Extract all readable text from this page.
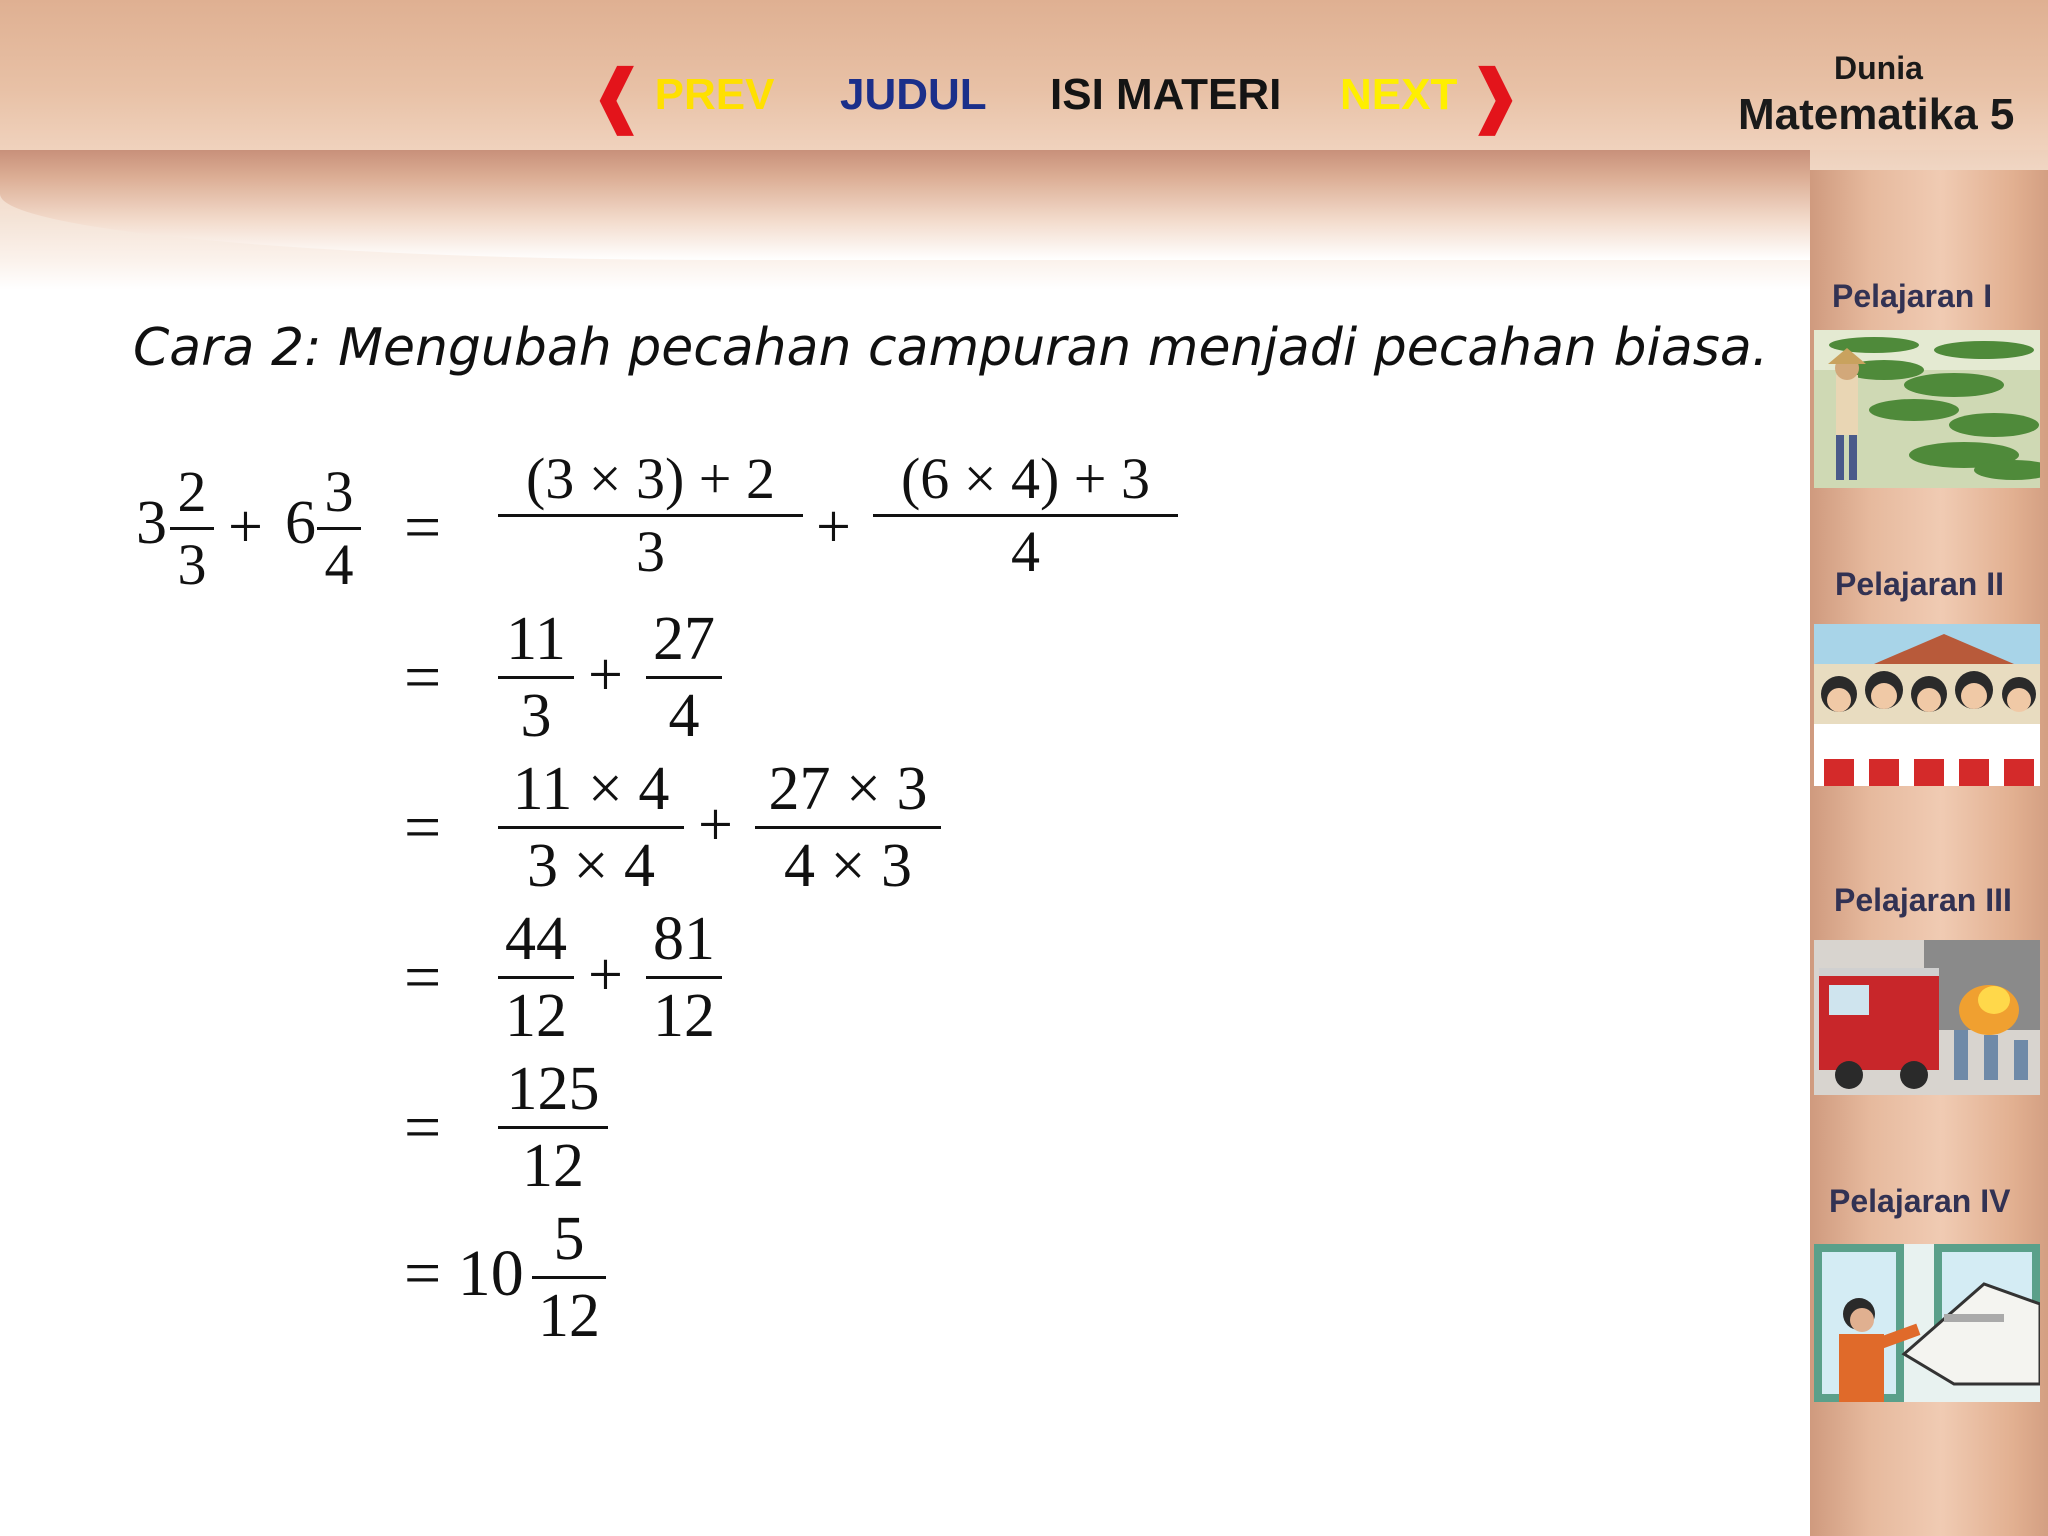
❰ PREV JUDUL ISI MATERI NEXT ❱	Dunia
Matematika 5
Pelajaran I
Pelajaran II
Pelajaran III
Pelajaran IV
Cara 2: Mengubah pecahan campuran menjadi pecahan biasa.
3 2
3
+ 6 3
4
=
(3 × 3) + 2
3	+
(6 × 4) + 3
4
=
11
3
+
27
4
=
11 × 4
3 × 4
+
27 × 3
4 × 3
=
44
12
+
81
12
=
125
12
= 10 5
12
